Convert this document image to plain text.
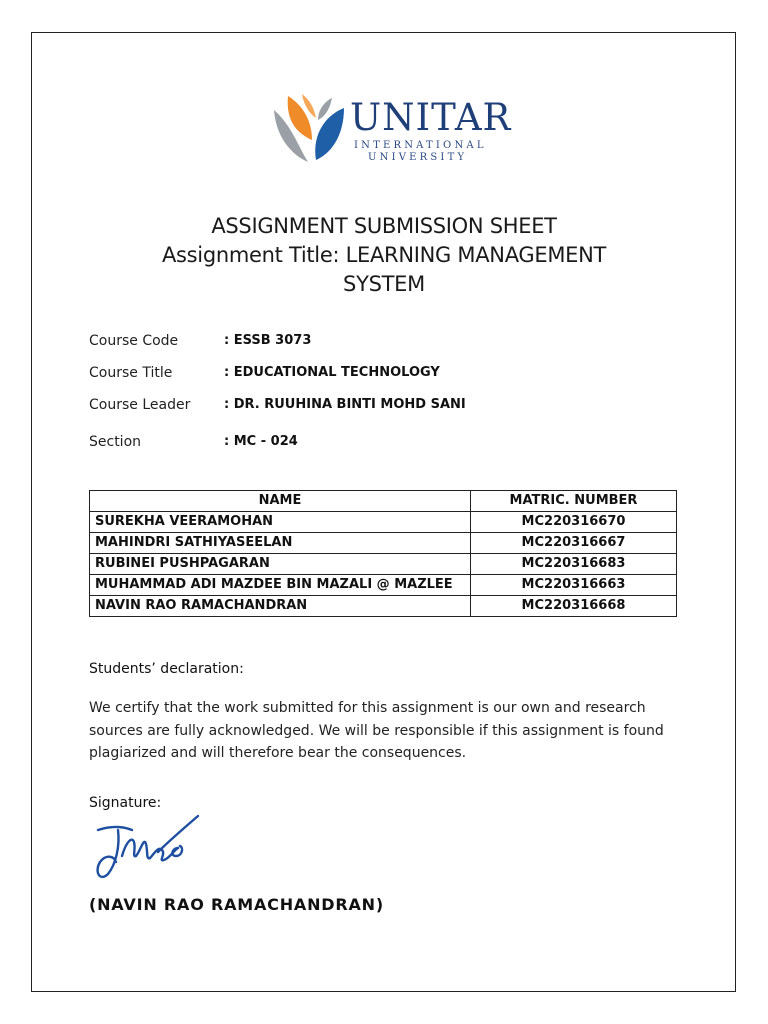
UNITAR
INTERNATIONAL
UNIVERSITY
ASSIGNMENT SUBMISSION SHEET
Assignment Title: LEARNING MANAGEMENT
SYSTEM
Course Code	: ESSB 3073
Course Title	: EDUCATIONAL TECHNOLOGY
Course Leader	: DR. RUUHINA BINTI MOHD SANI
Section	: MC - 024
NAME	MATRIC. NUMBER
SUREKHA VEERAMOHAN	MC220316670
MAHINDRI SATHIYASEELAN	MC220316667
RUBINEI PUSHPAGARAN	MC220316683
MUHAMMAD ADI MAZDEE BIN MAZALI @ MAZLEE	MC220316663
NAVIN RAO RAMACHANDRAN	MC220316668
Students’ declaration:
We certify that the work submitted for this assignment is our own and research sources are fully acknowledged. We will be responsible if this assignment is found plagiarized and will therefore bear the consequences.
Signature:
(NAVIN RAO RAMACHANDRAN)
